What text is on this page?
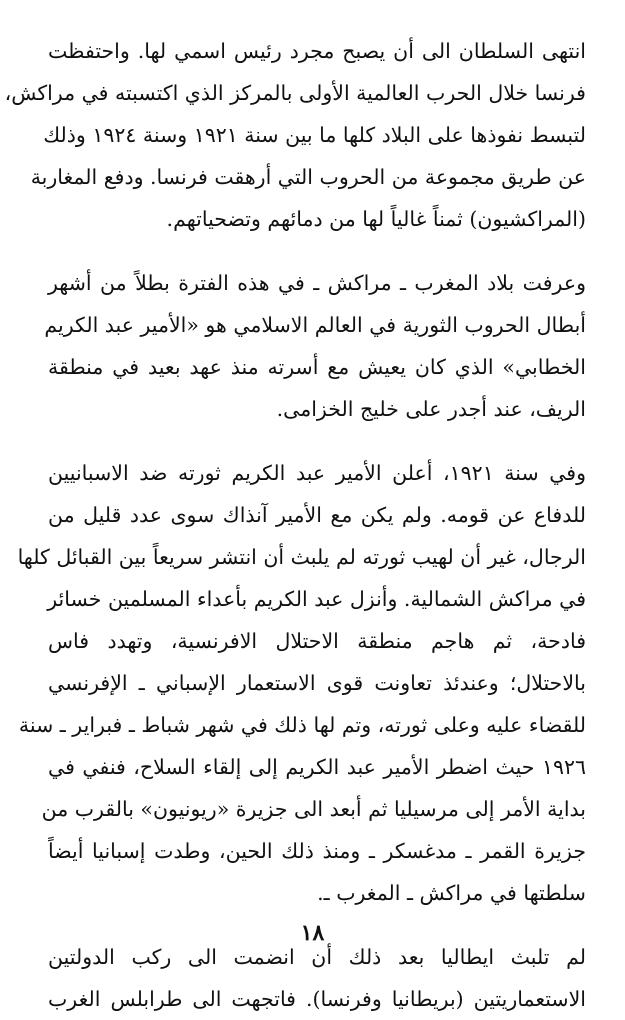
انتهى السلطان الى أن يصبح مجرد رئيس اسمي لها. واحتفظت
فرنسا خلال الحرب العالمية الأولى بالمركز الذي اكتسبته في مراكش،
لتبسط نفوذها على البلاد كلها ما بين سنة ١٩٢١ وسنة ١٩٢٤ وذلك
عن طريق مجموعة من الحروب التي أرهقت فرنسا. ودفع المغاربة
(المراكشيون) ثمناً غالياً لها من دمائهم وتضحياتهم.
وعرفت بلاد المغرب ـ مراكش ـ في هذه الفترة بطلاً من أشهر
أبطال الحروب الثورية في العالم الاسلامي هو «الأمير عبد الكريم
الخطابي» الذي كان يعيش مع أسرته منذ عهد بعيد في منطقة
الريف، عند أجدر على خليج الخزامى.
وفي سنة ١٩٢١، أعلن الأمير عبد الكريم ثورته ضد الاسبانيين
للدفاع عن قومه. ولم يكن مع الأمير آنذاك سوى عدد قليل من
الرجال، غير أن لهيب ثورته لم يلبث أن انتشر سريعاً بين القبائل كلها
في مراكش الشمالية. وأنزل عبد الكريم بأعداء المسلمين خسائر
فادحة، ثم هاجم منطقة الاحتلال الافرنسية، وتهدد فاس
بالاحتلال؛ وعندئذ تعاونت قوى الاستعمار الإسباني ـ الإفرنسي
للقضاء عليه وعلى ثورته، وتم لها ذلك في شهر شباط ـ فبراير ـ سنة
١٩٢٦ حيث اضطر الأمير عبد الكريم إلى إلقاء السلاح، فنفي في
بداية الأمر إلى مرسيليا ثم أبعد الى جزيرة «ريونيون» بالقرب من
جزيرة القمر ـ مدغسكر ـ ومنذ ذلك الحين، وطدت إسبانيا أيضاً
سلطتها في مراكش ـ المغرب ـ.
لم تلبث ايطاليا بعد ذلك أن انضمت الى ركب الدولتين
الاستعماريتين (بريطانيا وفرنسا). فاتجهت الى طرابلس الغرب
١٨
